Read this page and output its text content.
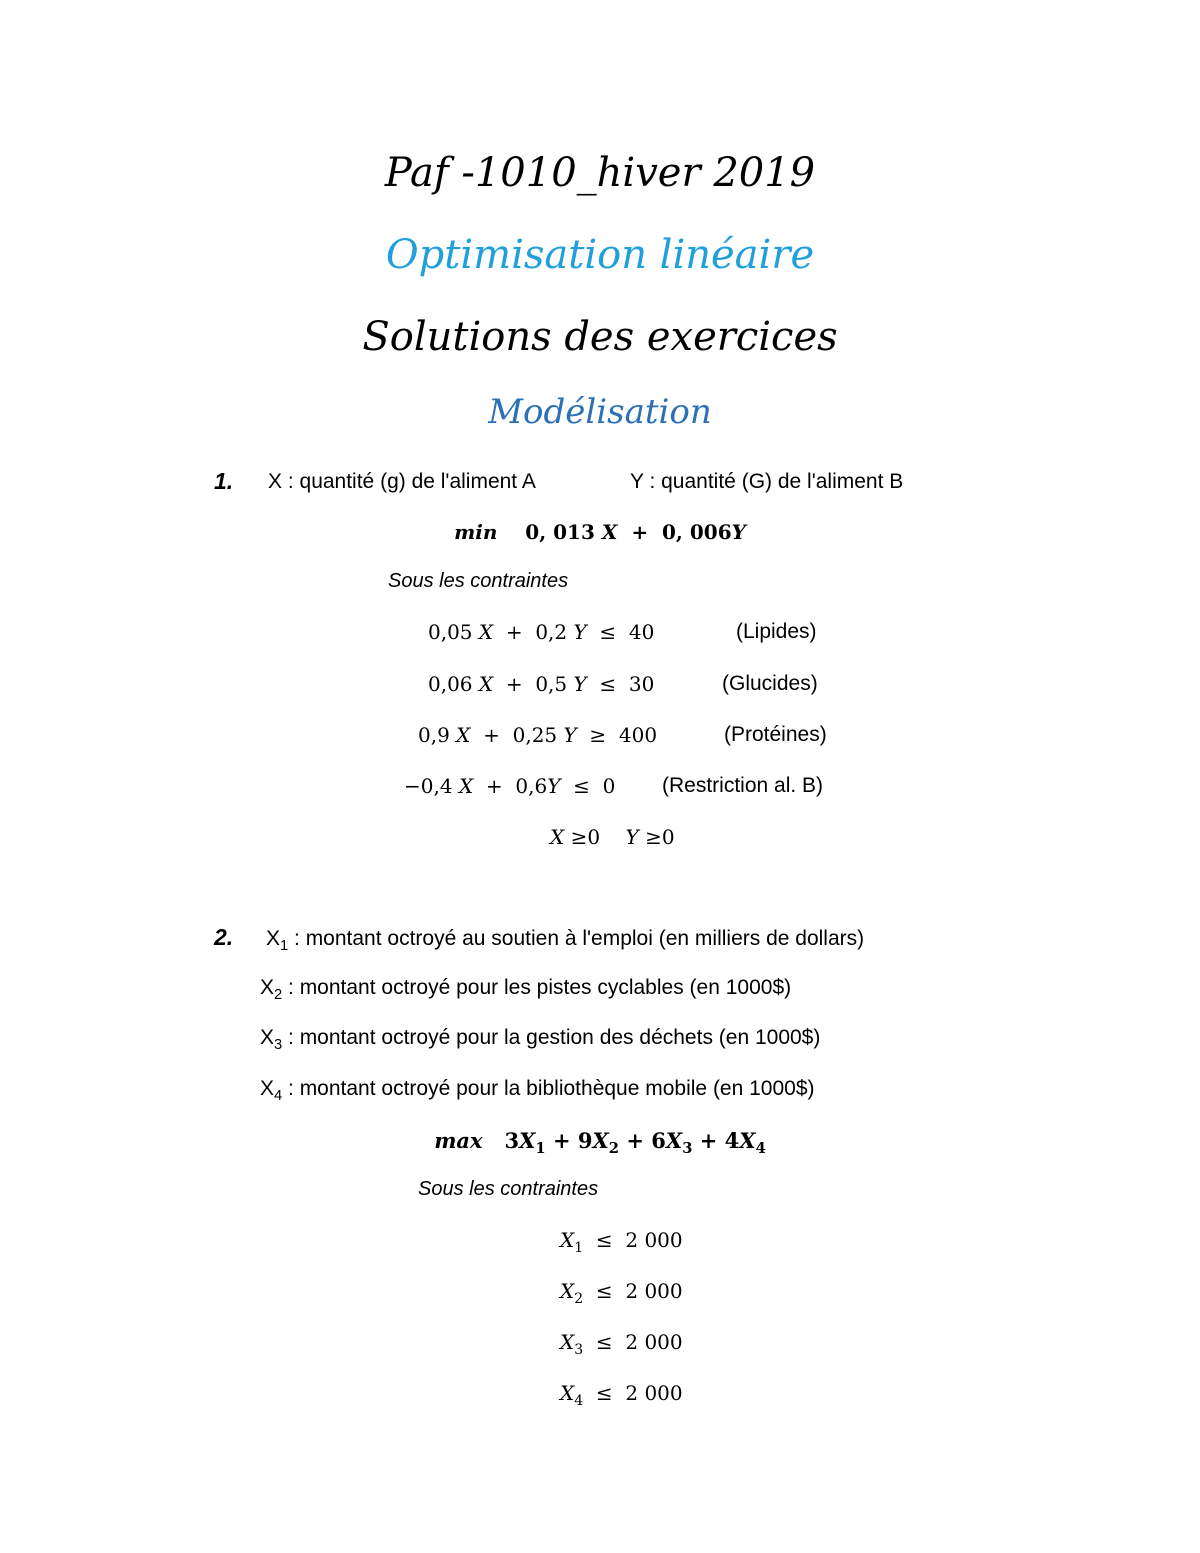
Paf -1010_hiver 2019
Optimisation linéaire
Solutions des exercices
Modélisation
1. X : quantité (g) de l'aliment A	Y : quantité (G) de l'aliment B
min 0, 013 X + 0, 006Y
Sous les contraintes
0,05 X  +  0,2 Y ≤ 40	(Lipides)
0,06 X  +  0,5 Y ≤ 30	(Glucides)
0,9 X  +  0,25 Y ≥ 400	(Protéines)
−0,4 X  +  0,6Y ≤ 0 (Restriction al. B)
X ≥0 Y ≥0
2. $X_1$ : montant octroyé au soutien à l'emploi (en milliers de dollars)
$X_2$ : montant octroyé pour les pistes cyclables (en 1000$)
$X_3$ : montant octroyé pour la gestion des déchets (en 1000$)
$X_4$ : montant octroyé pour la bibliothèque mobile (en 1000$)
$\max 3X_1 + 9X_2 + 6X_3 + 4X_4$
Sous les contraintes
$X_1 \le 2$ 000
$X_2 \le 2$ 000
$X_3 \le 2$ 000
$X_4 \le 2$ 000
